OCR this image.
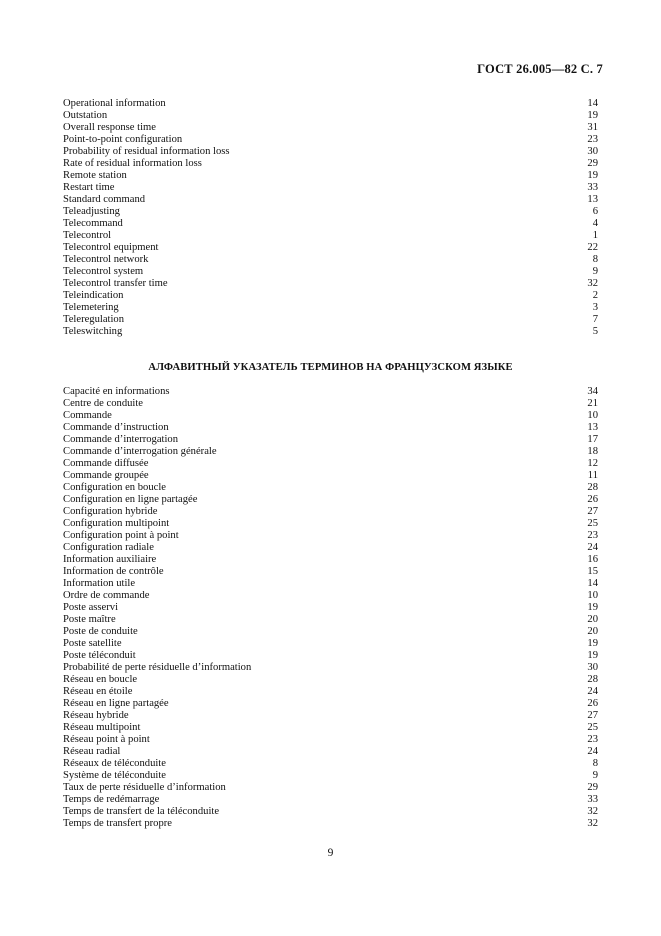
ГОСТ 26.005—82 С. 7
Operational information	14
Outstation	19
Overall response time	31
Point-to-point configuration	23
Probability of residual information loss	30
Rate of residual information loss	29
Remote station	19
Restart time	33
Standard command	13
Teleadjusting	6
Telecommand	4
Telecontrol	1
Telecontrol equipment	22
Telecontrol network	8
Telecontrol system	9
Telecontrol transfer time	32
Teleindication	2
Telemetering	3
Teleregulation	7
Teleswitching	5
АЛФАВИТНЫЙ УКАЗАТЕЛЬ ТЕРМИНОВ НА ФРАНЦУЗСКОМ ЯЗЫКЕ
Capacité en informations	34
Centre de conduite	21
Commande	10
Commande d’instruction	13
Commande d’interrogation	17
Commande d’interrogation générale	18
Commande diffusée	12
Commande groupée	11
Configuration en boucle	28
Configuration en ligne partagée	26
Configuration hybride	27
Configuration multipoint	25
Configuration point à point	23
Configuration radiale	24
Information auxiliaire	16
Information de contrôle	15
Information utile	14
Ordre de commande	10
Poste asservi	19
Poste maître	20
Poste de conduite	20
Poste satellite	19
Poste téléconduit	19
Probabilité de perte résiduelle d’information	30
Réseau en boucle	28
Réseau en étoile	24
Réseau en ligne partagée	26
Réseau hybride	27
Réseau multipoint	25
Réseau point à point	23
Réseau radial	24
Réseaux de téléconduite	8
Système de téléconduite	9
Taux de perte résiduelle d’information	29
Temps de redémarrage	33
Temps de transfert de la téléconduite	32
Temps de transfert propre	32
9
